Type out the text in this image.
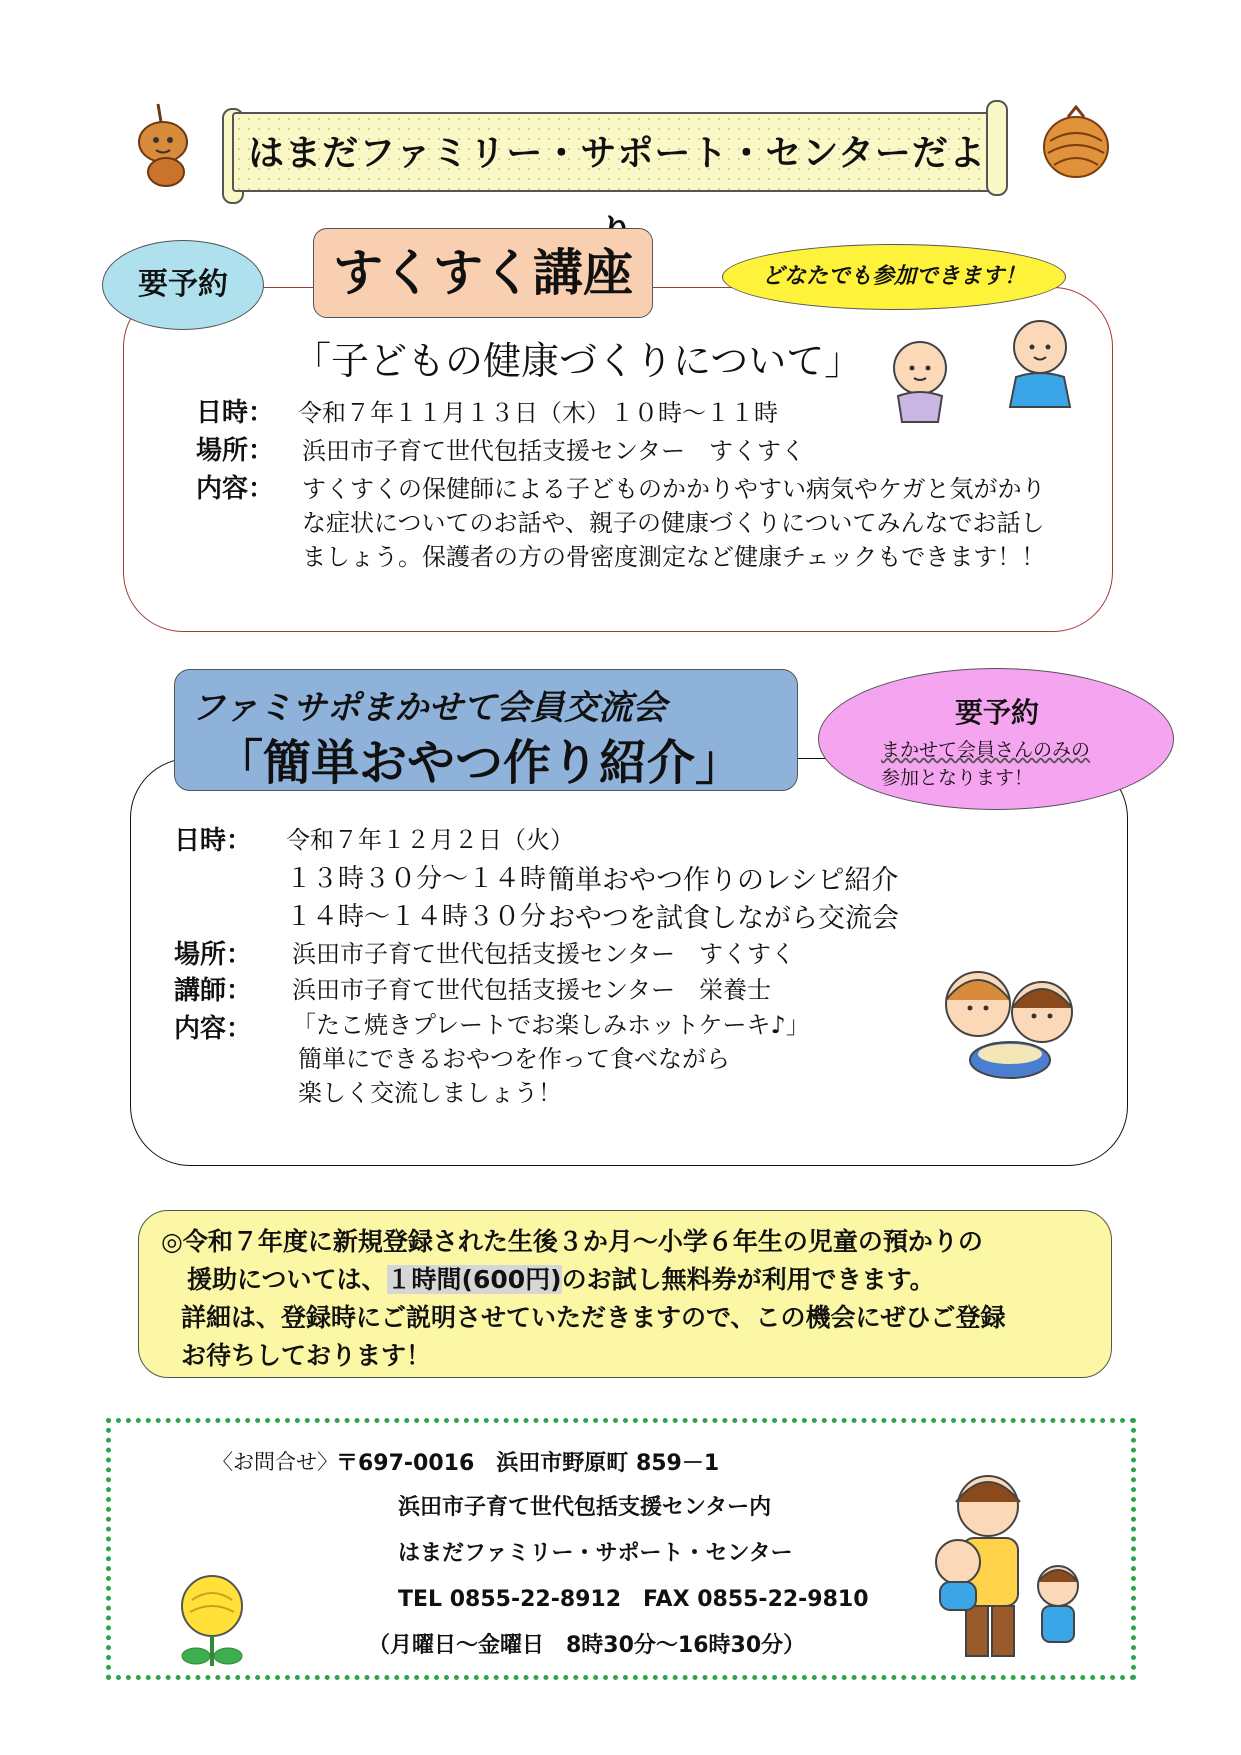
はまだファミリー・サポート・センターだよ
要予約	すくすく講座	どなたでも参加できます！
「子どもの健康づくりについて」
日時： 令和７年１１月１３日（木）１０時～１１時
場所： 浜田市子育て世代包括支援センター　すくすく
内容： すくすくの保健師による子どものかかりやすい病気やケガと気がかり
な症状についてのお話や、親子の健康づくりについてみんなでお話し
ましょう。保護者の方の骨密度測定など健康チェックもできます！！
ファミサポまかせて会員交流会
「簡単おやつ作り紹介」
要予約
まかせて会員さんのみの
参加となります！
日時： 令和７年１２月２日（火）
１３時３０分～１４時 簡単おやつ作りのレシピ紹介
１４時～１４時３０分 おやつを試食しながら交流会
場所： 浜田市子育て世代包括支援センター　すくすく
講師： 浜田市子育て世代包括支援センター　栄養士
内容： 「たこ焼きプレートでお楽しみホットケーキ♪」
簡単にできるおやつを作って食べながら
楽しく交流しましょう！
◎令和７年度に新規登録された生後３か月～小学６年生の児童の預かりの
援助については、１時間(600円)のお試し無料券が利用できます。
詳細は、登録時にご説明させていただきますので、この機会にぜひご登録
お待ちしております！
〈お問合せ〉
〒697-0016　浜田市野原町 859－1
浜田市子育て世代包括支援センター内
はまだファミリー・サポート・センター
TEL 0855-22-8912　FAX 0855-22-9810
（月曜日～金曜日　8時30分～16時30分）
